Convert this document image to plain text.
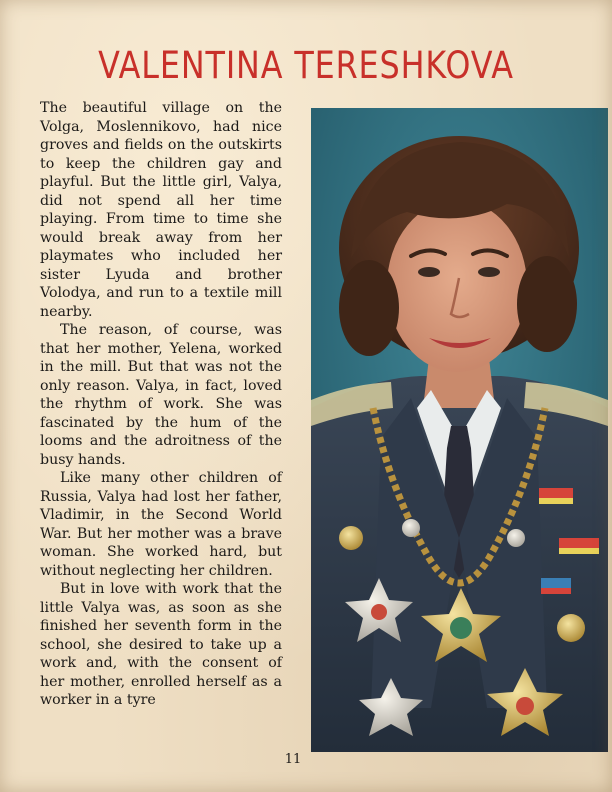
VALENTINA TERESHKOVA

The beautiful village on the Volga, Moslennikovo, had nice groves and fields on the outskirts to keep the children gay and playful. But the little girl, Valya, did not spend all her time playing. From time to time she would break away from her playmates who included her sister Lyuda and brother Volodya, and run to a textile mill nearby.

The reason, of course, was that her mother, Yelena, worked in the mill. But that was not the only reason. Valya, in fact, loved the rhythm of work. She was fascinated by the hum of the looms and the adroitness of the busy hands.

Like many other children of Russia, Valya had lost her father, Vladimir, in the Second World War. But her mother was a brave woman. She worked hard, but without neglecting her children.

But in love with work that the little Valya was, as soon as she finished her seventh form in the school, she desired to take up a work and, with the consent of her mother, enrolled herself as a worker in a tyre

11
